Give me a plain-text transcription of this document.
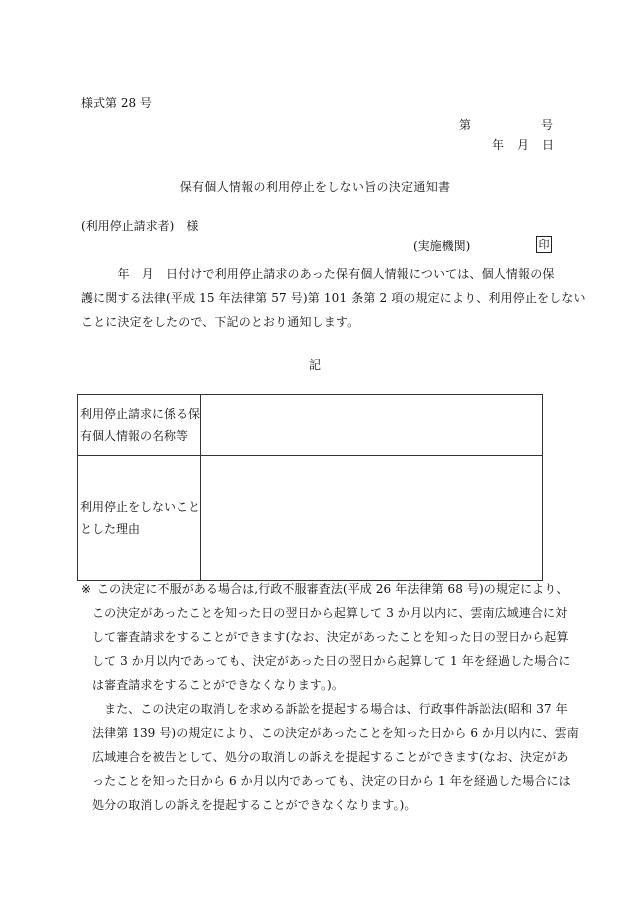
様式第 28 号
第	号
年 月 日
保有個人情報の利用停止をしない旨の決定通知書
(利用停止請求者)　様
(実施機関)	印

　　　年　月　日付けで利用停止請求のあった保有個人情報については、個人情報の保

護に関する法律(平成 15 年法律第 57 号)第 101 条第 2 項の規定により、利用停止をしない

ことに決定をしたので、下記のとおり通知します。

記
利用停止請求に係る保
有個人情報の名称等	

利用停止をしないこと
とした理由	

※ この決定に不服がある場合は,行政不服審査法(平成 26 年法律第 68 号)の規定により、

この決定があったことを知った日の翌日から起算して 3 か月以内に、雲南広域連合に対

して審査請求をすることができます(なお、決定があったことを知った日の翌日から起算

して 3 か月以内であっても、決定があった日の翌日から起算して 1 年を経過した場合に

は審査請求をすることができなくなります。)。

また、この決定の取消しを求める訴訟を提起する場合は、行政事件訴訟法(昭和 37 年

法律第 139 号)の規定により、この決定があったことを知った日から 6 か月以内に、雲南

広域連合を被告として、処分の取消しの訴えを提起することができます(なお、決定があ

ったことを知った日から 6 か月以内であっても、決定の日から 1 年を経過した場合には

処分の取消しの訴えを提起することができなくなります。)。
